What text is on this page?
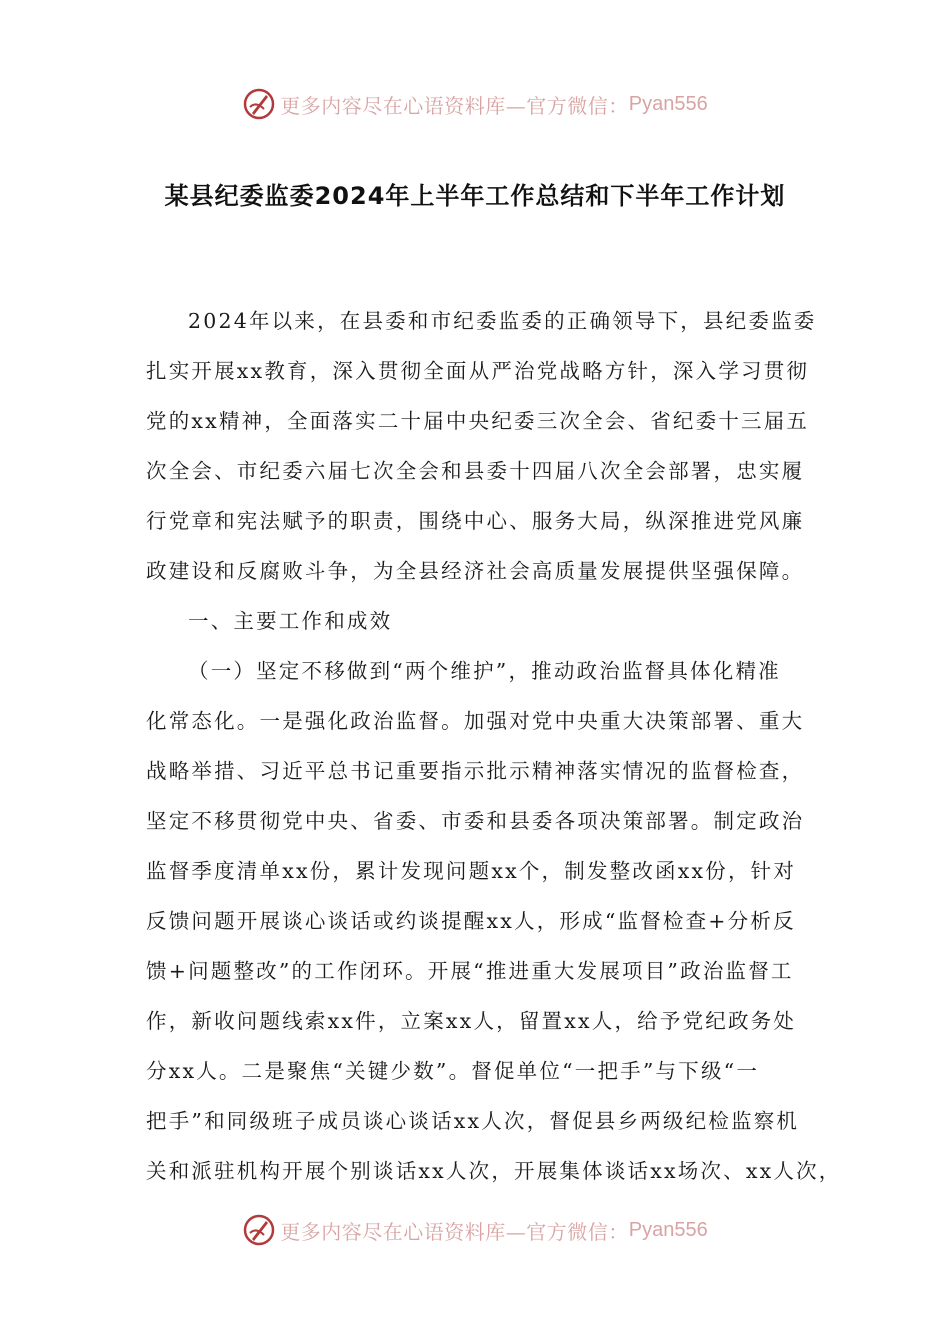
更多内容尽在心语资料库—官方微信： Pyan556
某县纪委监委2024年上半年工作总结和下半年工作计划
2024年以来，在县委和市纪委监委的正确领导下，县纪委监委
扎实开展xx教育，深入贯彻全面从严治党战略方针，深入学习贯彻
党的xx精神，全面落实二十届中央纪委三次全会、省纪委十三届五
次全会、市纪委六届七次全会和县委十四届八次全会部署，忠实履
行党章和宪法赋予的职责，围绕中心、服务大局，纵深推进党风廉
政建设和反腐败斗争，为全县经济社会高质量发展提供坚强保障。
一、主要工作和成效
（一）坚定不移做到“两个维护”，推动政治监督具体化精准
化常态化。一是强化政治监督。加强对党中央重大决策部署、重大
战略举措、习近平总书记重要指示批示精神落实情况的监督检查，
坚定不移贯彻党中央、省委、市委和县委各项决策部署。制定政治
监督季度清单xx份，累计发现问题xx个，制发整改函xx份，针对
反馈问题开展谈心谈话或约谈提醒xx人，形成“监督检查+分析反
馈+问题整改”的工作闭环。开展“推进重大发展项目”政治监督工
作，新收问题线索xx件，立案xx人，留置xx人，给予党纪政务处
分xx人。二是聚焦“关键少数”。督促单位“一把手”与下级“一
把手”和同级班子成员谈心谈话xx人次，督促县乡两级纪检监察机
关和派驻机构开展个别谈话xx人次，开展集体谈话xx场次、xx人次，
更多内容尽在心语资料库—官方微信： Pyan556
